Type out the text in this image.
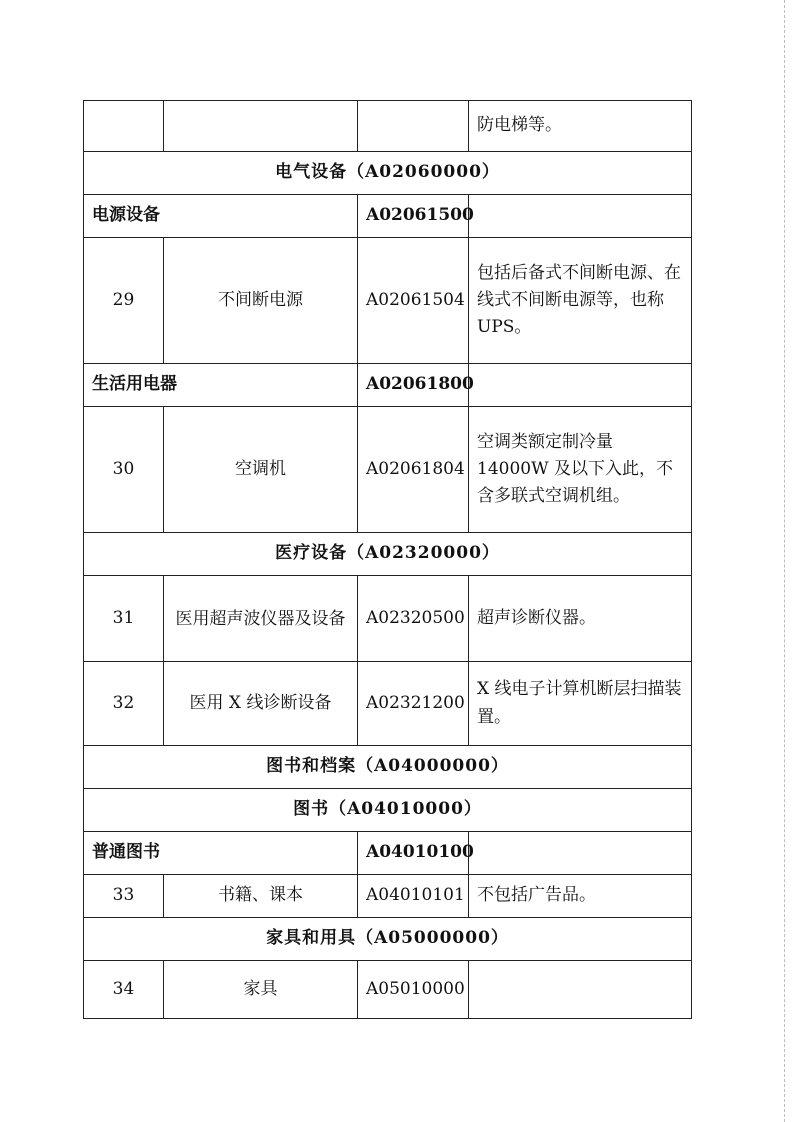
			防电梯等。
电气设备（A02060000）			
电源设备		A02061500	
29	不间断电源	A02061504	包括后备式不间断电源、在线式不间断电源等，也称 UPS。
生活用电器		A02061800	
30	空调机	A02061804	空调类额定制冷量 14000W 及以下入此，不含多联式空调机组。
医疗设备（A02320000）			
31	医用超声波仪器及设备	A02320500	超声诊断仪器。
32	医用 X 线诊断设备	A02321200	X 线电子计算机断层扫描装置。
图书和档案（A04000000）			
图书（A04010000）			
普通图书		A04010100	
33	书籍、课本	A04010101	不包括广告品。
家具和用具（A05000000）			
34	家具	A05010000	
